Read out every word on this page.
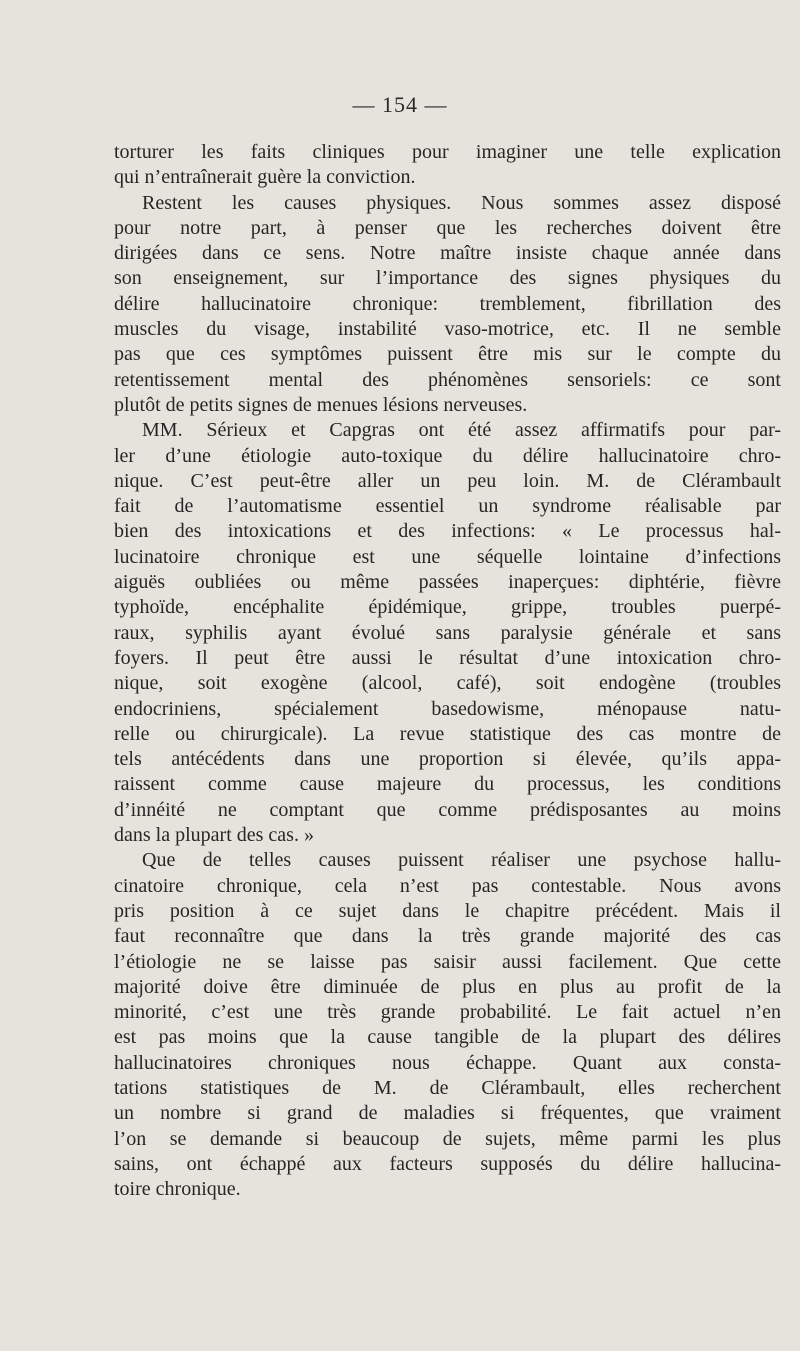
— 154 —
torturer les faits cliniques pour imaginer une telle explication
qui n’entraînerait guère la conviction.
Restent les causes physiques. Nous sommes assez disposé
pour notre part, à penser que les recherches doivent être
dirigées dans ce sens. Notre maître insiste chaque année dans
son enseignement, sur l’importance des signes physiques du
délire hallucinatoire chronique: tremblement, fibrillation des
muscles du visage, instabilité vaso-motrice, etc. Il ne semble
pas que ces symptômes puissent être mis sur le compte du
retentissement mental des phénomènes sensoriels: ce sont
plutôt de petits signes de menues lésions nerveuses.
MM. Sérieux et Capgras ont été assez affirmatifs pour par-
ler d’une étiologie auto-toxique du délire hallucinatoire chro-
nique. C’est peut-être aller un peu loin. M. de Clérambault
fait de l’automatisme essentiel un syndrome réalisable par
bien des intoxications et des infections: « Le processus hal-
lucinatoire chronique est une séquelle lointaine d’infections
aiguës oubliées ou même passées inaperçues: diphtérie, fièvre
typhoïde, encéphalite épidémique, grippe, troubles puerpé-
raux, syphilis ayant évolué sans paralysie générale et sans
foyers. Il peut être aussi le résultat d’une intoxication chro-
nique, soit exogène (alcool, café), soit endogène (troubles
endocriniens, spécialement basedowisme, ménopause natu-
relle ou chirurgicale). La revue statistique des cas montre de
tels antécédents dans une proportion si élevée, qu’ils appa-
raissent comme cause majeure du processus, les conditions
d’innéité ne comptant que comme prédisposantes au moins
dans la plupart des cas. »
Que de telles causes puissent réaliser une psychose hallu-
cinatoire chronique, cela n’est pas contestable. Nous avons
pris position à ce sujet dans le chapitre précédent. Mais il
faut reconnaître que dans la très grande majorité des cas
l’étiologie ne se laisse pas saisir aussi facilement. Que cette
majorité doive être diminuée de plus en plus au profit de la
minorité, c’est une très grande probabilité. Le fait actuel n’en
est pas moins que la cause tangible de la plupart des délires
hallucinatoires chroniques nous échappe. Quant aux consta-
tations statistiques de M. de Clérambault, elles recherchent
un nombre si grand de maladies si fréquentes, que vraiment
l’on se demande si beaucoup de sujets, même parmi les plus
sains, ont échappé aux facteurs supposés du délire hallucina-
toire chronique.
